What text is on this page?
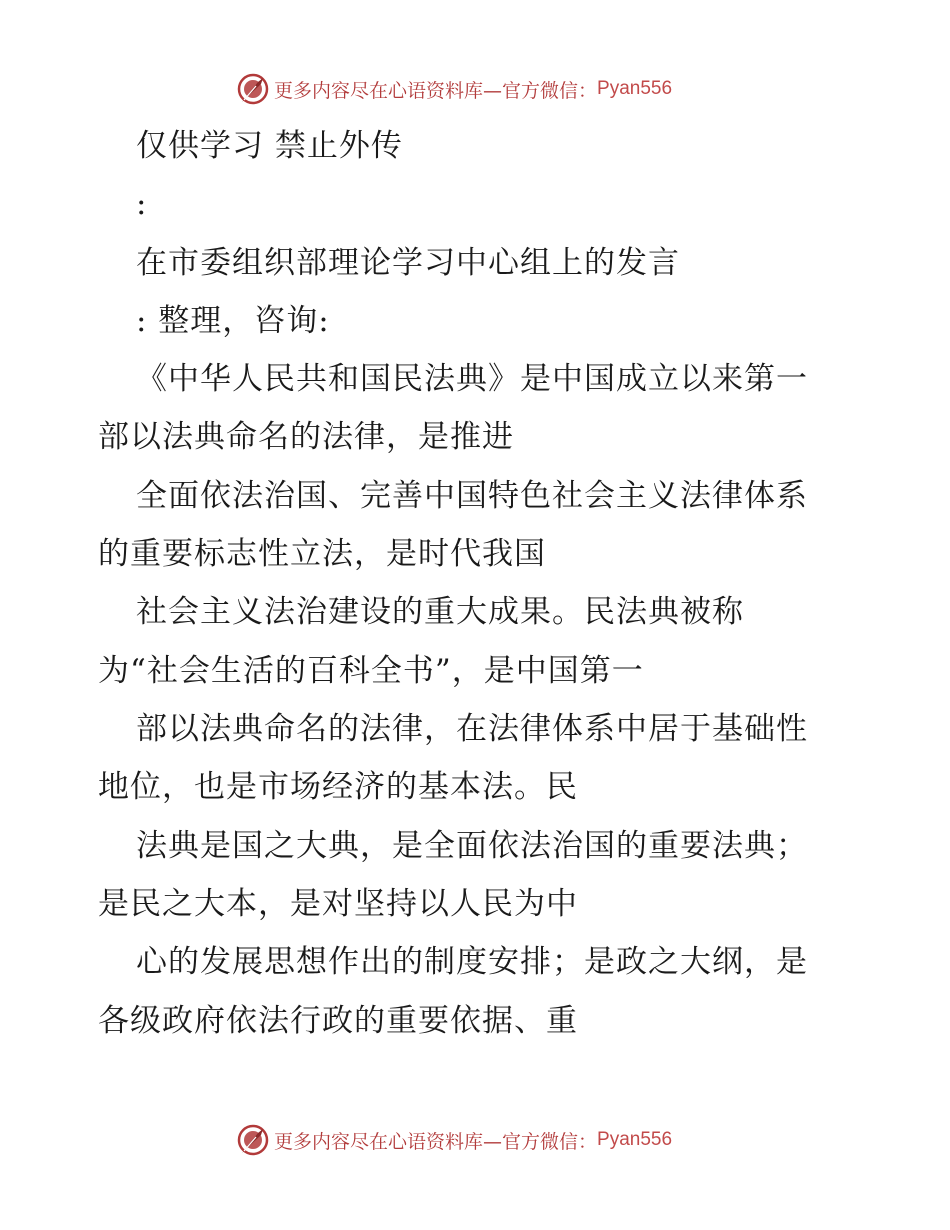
更多内容尽在心语资料库—官方微信： Pyan556
仅供学习 禁止外传
:
在市委组织部理论学习中心组上的发言
: 整理，咨询:
《中华人民共和国民法典》是中国成立以来第一
部以法典命名的法律，是推进
全面依法治国、完善中国特色社会主义法律体系
的重要标志性立法，是时代我国
社会主义法治建设的重大成果。民法典被称
为“社会生活的百科全书”，是中国第一
部以法典命名的法律，在法律体系中居于基础性
地位，也是市场经济的基本法。民
法典是国之大典，是全面依法治国的重要法典；
是民之大本，是对坚持以人民为中
心的发展思想作出的制度安排；是政之大纲，是
各级政府依法行政的重要依据、重
更多内容尽在心语资料库—官方微信： Pyan556
